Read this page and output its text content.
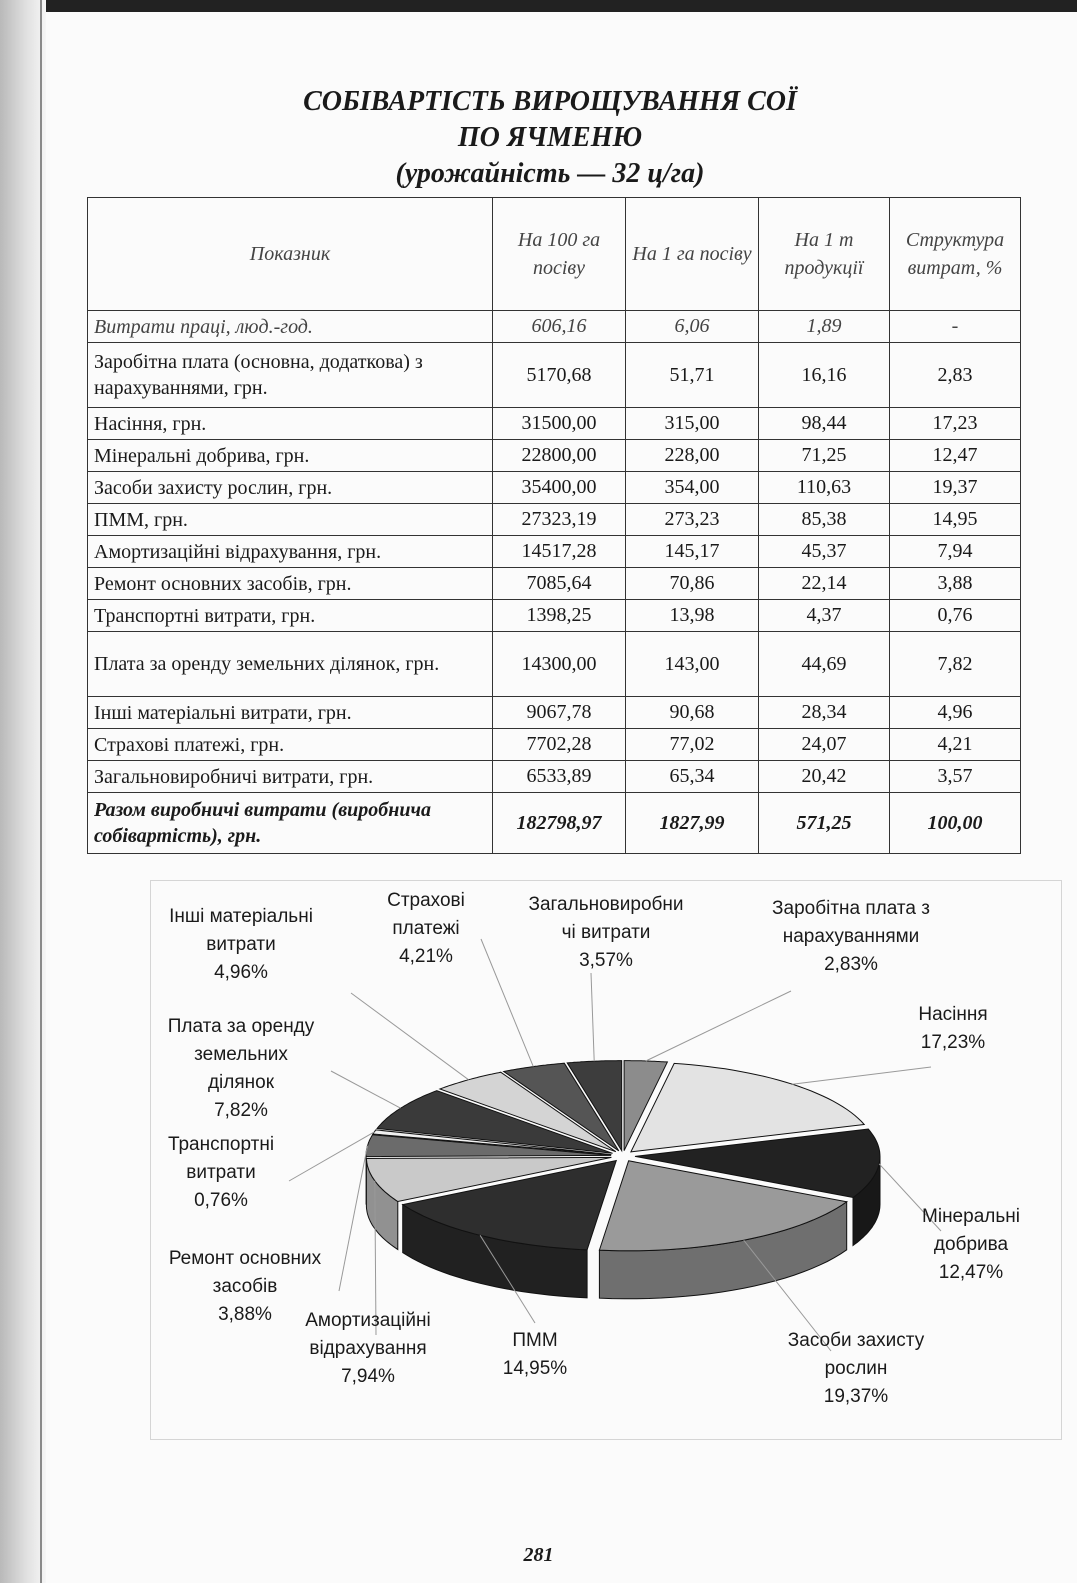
СОБІВАРТІСТЬ ВИРОЩУВАННЯ СОЇ
ПО ЯЧМЕНЮ
(урожайність — 32 ц/га)
Показник	На 100 га посіву	На 1 га посіву	На 1 т продукції	Структура витрат, %
Витрати праці, люд.-год.	606,16	6,06	1,89	-
Заробітна плата (основна, додаткова) з нарахуваннями, грн.	5170,68	51,71	16,16	2,83
Насіння, грн.	31500,00	315,00	98,44	17,23
Мінеральні добрива, грн.	22800,00	228,00	71,25	12,47
Засоби захисту рослин, грн.	35400,00	354,00	110,63	19,37
ПММ, грн.	27323,19	273,23	85,38	14,95
Амортизаційні відрахування, грн.	14517,28	145,17	45,37	7,94
Ремонт основних засобів, грн.	7085,64	70,86	22,14	3,88
Транспортні витрати, грн.	1398,25	13,98	4,37	0,76
Плата за оренду земельних ділянок, грн.	14300,00	143,00	44,69	7,82
Інші матеріальні витрати, грн.	9067,78	90,68	28,34	4,96
Страхові платежі, грн.	7702,28	77,02	24,07	4,21
Загальновиробничі витрати, грн.	6533,89	65,34	20,42	3,57
Разом виробничі витрати (виробнича собівартість), грн.	182798,97	1827,99	571,25	100,00
Заробітна плата з
нарахуваннями
2,83%
Насіння
17,23%
Мінеральні
добрива
12,47%
Засоби захисту
рослин
19,37%
ПММ
14,95%
Амортизаційні
відрахування
7,94%
Ремонт основних
засобів
3,88%
Транспортні
витрати
0,76%
Плата за оренду
земельних
ділянок
7,82%
Інші матеріальні
витрати
4,96%
Страхові
платежі
4,21%
Загальновиробни
чі витрати
3,57%
281
